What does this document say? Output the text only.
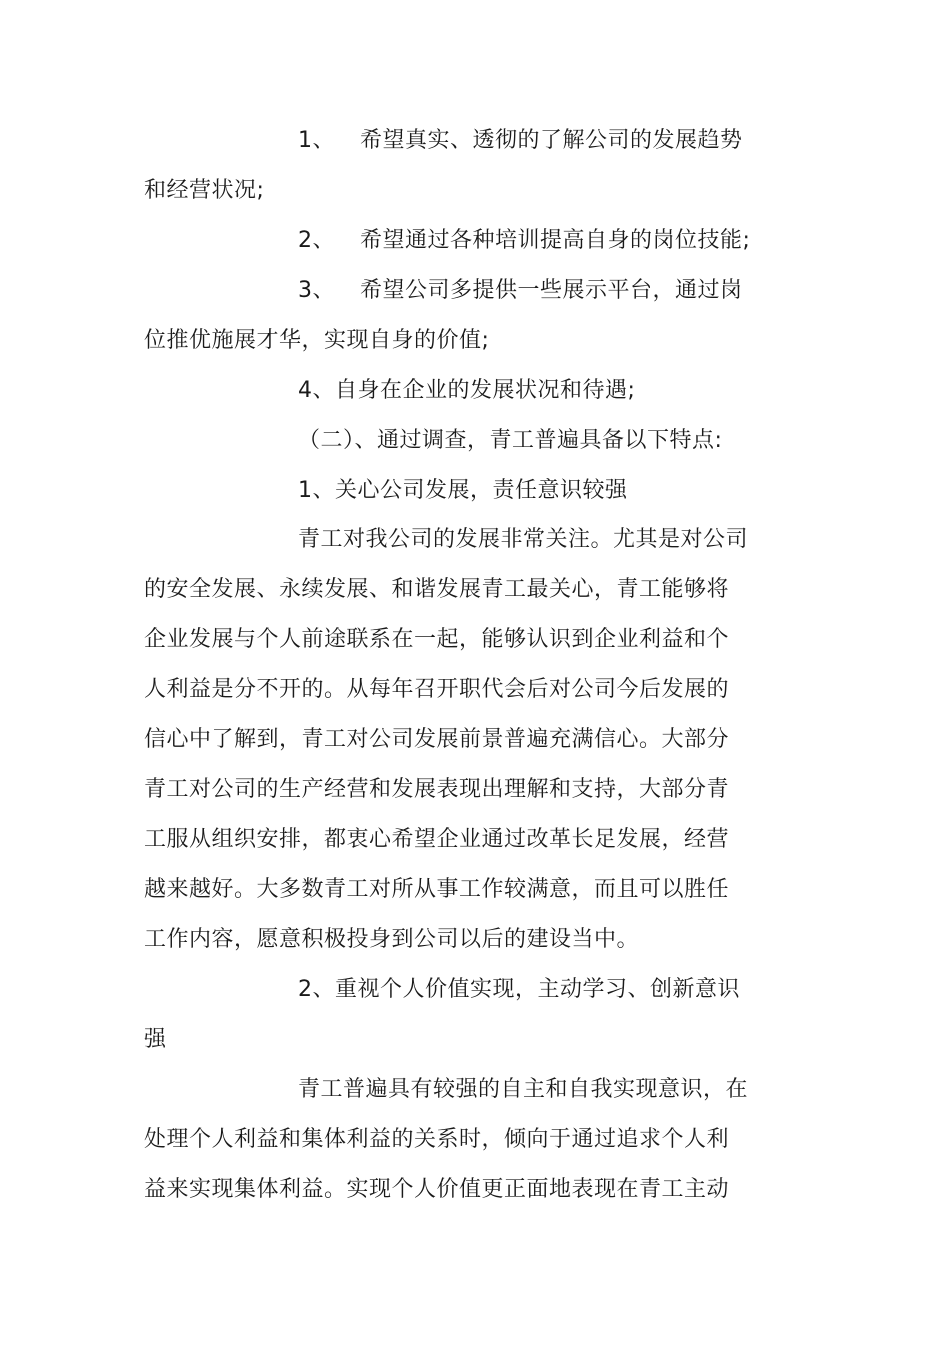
1、 希望真实、透彻的了解公司的发展趋势
和经营状况;
2、 希望通过各种培训提高自身的岗位技能;
3、 希望公司多提供一些展示平台，通过岗
位推优施展才华，实现自身的价值;
4、自身在企业的发展状况和待遇;
（二）、通过调查，青工普遍具备以下特点:
1、关心公司发展，责任意识较强
青工对我公司的发展非常关注。尤其是对公司
的安全发展、永续发展、和谐发展青工最关心，青工能够将
企业发展与个人前途联系在一起，能够认识到企业利益和个
人利益是分不开的。从每年召开职代会后对公司今后发展的
信心中了解到，青工对公司发展前景普遍充满信心。大部分
青工对公司的生产经营和发展表现出理解和支持，大部分青
工服从组织安排，都衷心希望企业通过改革长足发展，经营
越来越好。大多数青工对所从事工作较满意，而且可以胜任
工作内容，愿意积极投身到公司以后的建设当中。
2、重视个人价值实现，主动学习、创新意识
强
青工普遍具有较强的自主和自我实现意识，在
处理个人利益和集体利益的关系时，倾向于通过追求个人利
益来实现集体利益。实现个人价值更正面地表现在青工主动
